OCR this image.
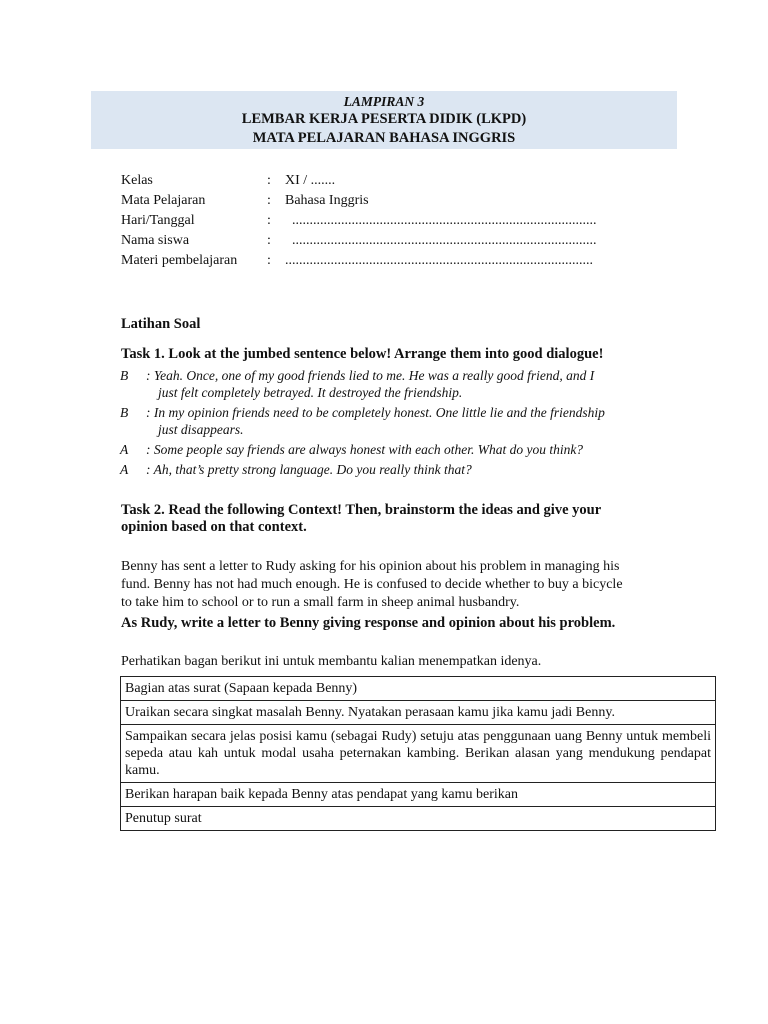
LAMPIRAN 3
LEMBAR KERJA PESERTA DIDIK (LKPD)
MATA PELAJARAN BAHASA INGGRIS
Kelas	:	XI / .......
Mata Pelajaran	:	Bahasa Inggris
Hari/Tanggal	:	.......................................................................................
Nama siswa	:	.......................................................................................
Materi pembelajaran	:	........................................................................................
Latihan Soal
Task 1. Look at the jumbed sentence below! Arrange them into good dialogue!
B	: Yeah. Once, one of my good friends lied to me. He was a really good friend, and I
just felt completely betrayed. It destroyed the friendship.
B	: In my opinion friends need to be completely honest. One little lie and the friendship
just disappears.
A	: Some people say friends are always honest with each other. What do you think?
A	: Ah, that’s pretty strong language. Do you really think that?
Task 2. Read the following Context! Then, brainstorm the ideas and give your
opinion based on that context.
Benny has sent a letter to Rudy asking for his opinion about his problem in managing his
fund. Benny has not had much enough. He is confused to decide whether to buy a bicycle
to take him to school or to run a small farm in sheep animal husbandry.
As Rudy, write a letter to Benny giving response and opinion about his problem.
Perhatikan bagan berikut ini untuk membantu kalian menempatkan idenya.
Bagian atas surat (Sapaan kepada Benny)
Uraikan secara singkat masalah Benny. Nyatakan perasaan kamu jika kamu jadi Benny.
Sampaikan secara jelas posisi kamu (sebagai Rudy) setuju atas penggunaan uang Benny untuk membeli sepeda atau kah untuk modal usaha peternakan kambing. Berikan alasan yang mendukung pendapat kamu.
Berikan harapan baik kepada Benny atas pendapat yang kamu berikan
Penutup surat
